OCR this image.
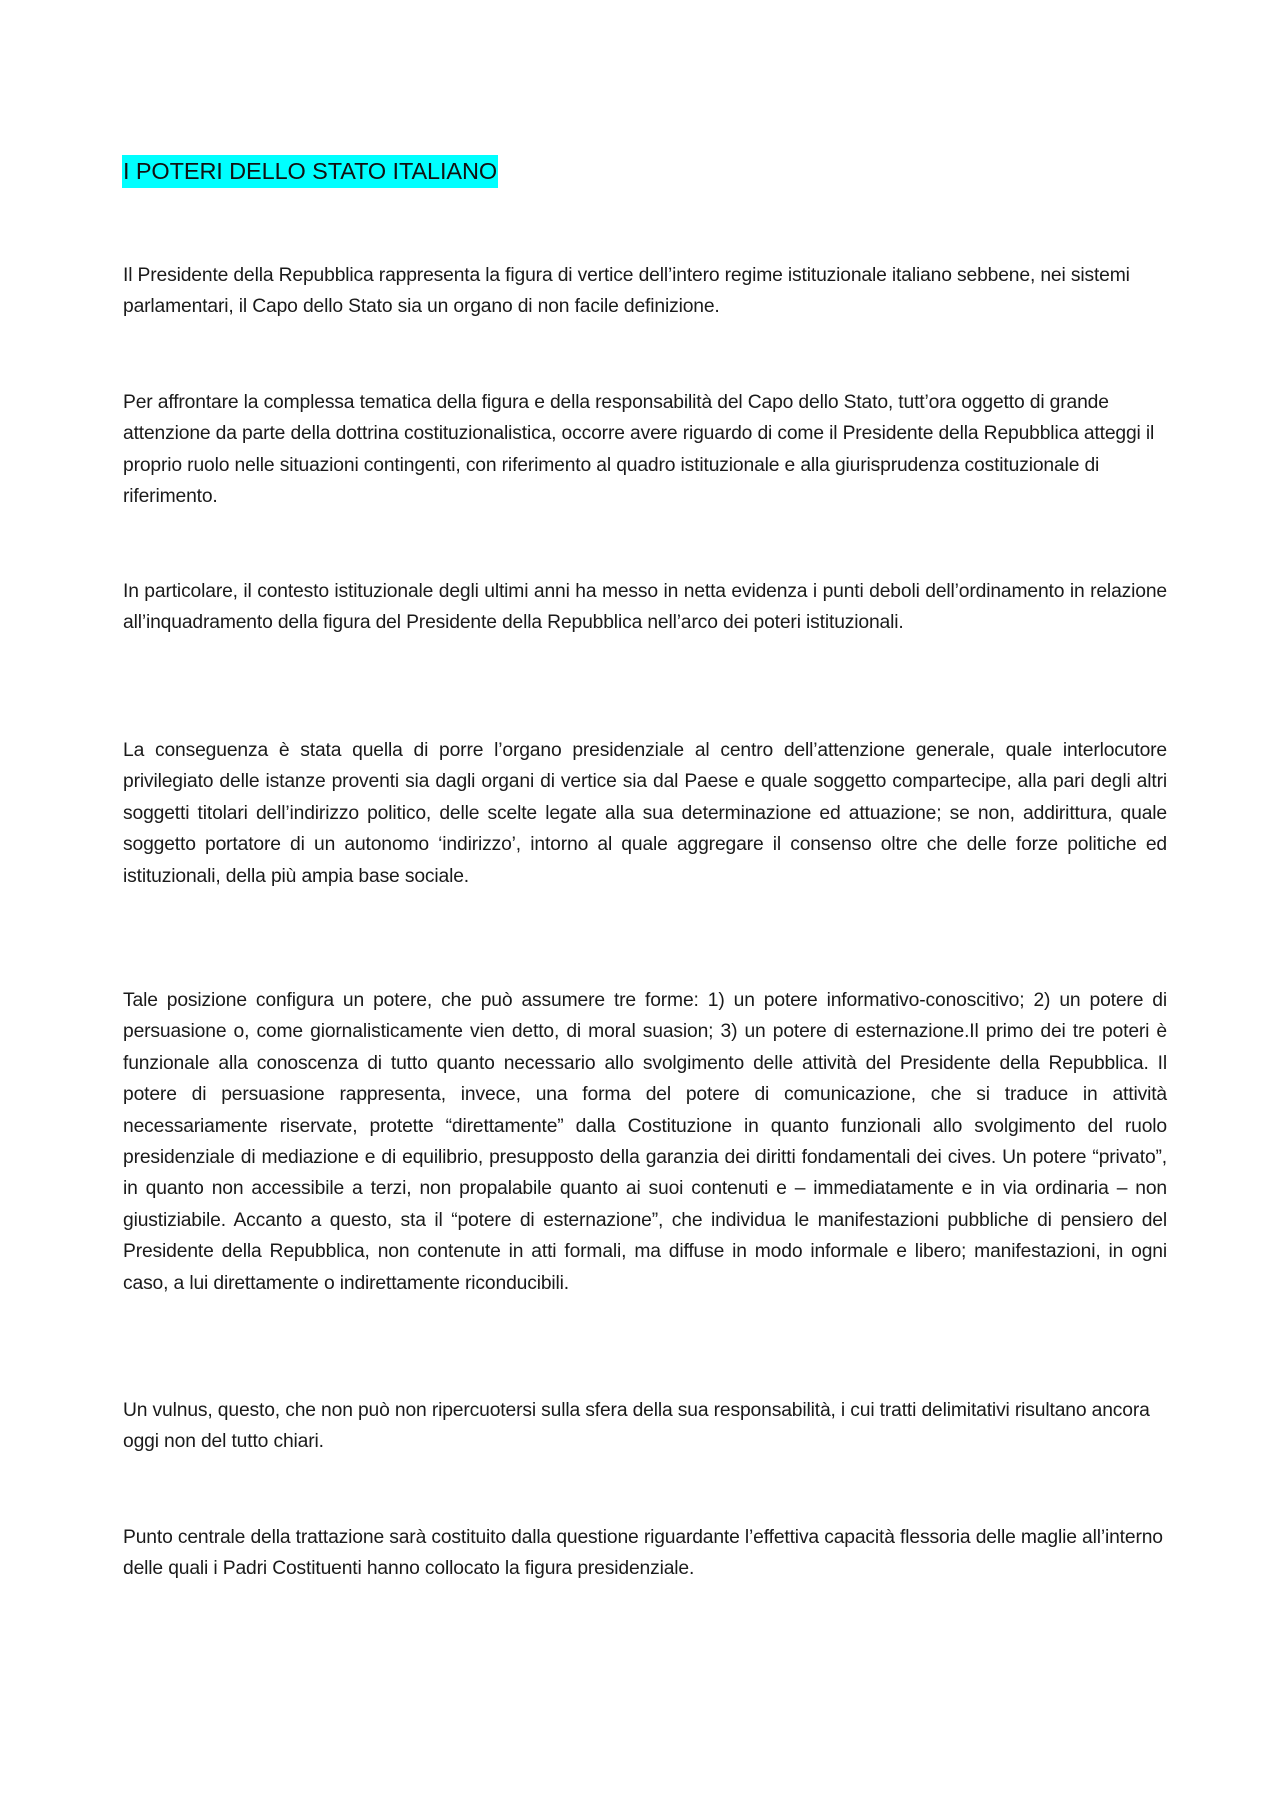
I POTERI DELLO STATO ITALIANO

Il Presidente della Repubblica rappresenta la figura di vertice dell’intero regime istituzionale italiano sebbene, nei sistemi parlamentari, il Capo dello Stato sia un organo di non facile definizione.

Per affrontare la complessa tematica della figura e della responsabilità del Capo dello Stato, tutt’ora oggetto di grande attenzione da parte della dottrina costituzionalistica, occorre avere riguardo di come il Presidente della Repubblica atteggi il proprio ruolo nelle situazioni contingenti, con riferimento al quadro istituzionale e alla giurisprudenza costituzionale di riferimento.

In particolare, il contesto istituzionale degli ultimi anni ha messo in netta evidenza i punti deboli dell’ordinamento in relazione all’inquadramento della figura del Presidente della Repubblica nell’arco dei poteri istituzionali.

La conseguenza è stata quella di porre l’organo presidenziale al centro dell’attenzione generale, quale interlocutore privilegiato delle istanze proventi sia dagli organi di vertice sia dal Paese e quale soggetto compartecipe, alla pari degli altri soggetti titolari dell’indirizzo politico, delle scelte legate alla sua determinazione ed attuazione; se non, addirittura, quale soggetto portatore di un autonomo ‘indirizzo’, intorno al quale aggregare il consenso oltre che delle forze politiche ed istituzionali, della più ampia base sociale.

Tale posizione configura un potere, che può assumere tre forme: 1) un potere informativo-conoscitivo; 2) un potere di persuasione o, come giornalisticamente vien detto, di moral suasion; 3) un potere di esternazione.Il primo dei tre poteri è funzionale alla conoscenza di tutto quanto necessario allo svolgimento delle attività del Presidente della Repubblica. Il potere di persuasione rappresenta, invece, una forma del potere di comunicazione, che si traduce in attività necessariamente riservate, protette “direttamente” dalla Costituzione in quanto funzionali allo svolgimento del ruolo presidenziale di mediazione e di equilibrio, presupposto della garanzia dei diritti fondamentali dei cives. Un potere “privato”, in quanto non accessibile a terzi, non propalabile quanto ai suoi contenuti e – immediatamente e in via ordinaria – non giustiziabile. Accanto a questo, sta il “potere di esternazione”, che individua le manifestazioni pubbliche di pensiero del Presidente della Repubblica, non contenute in atti formali, ma diffuse in modo informale e libero; manifestazioni, in ogni caso, a lui direttamente o indirettamente riconducibili.

Un vulnus, questo, che non può non ripercuotersi sulla sfera della sua responsabilità, i cui tratti delimitativi risultano ancora oggi non del tutto chiari.

Punto centrale della trattazione sarà costituito dalla questione riguardante l’effettiva capacità flessoria delle maglie all’interno delle quali i Padri Costituenti hanno collocato la figura presidenziale.
